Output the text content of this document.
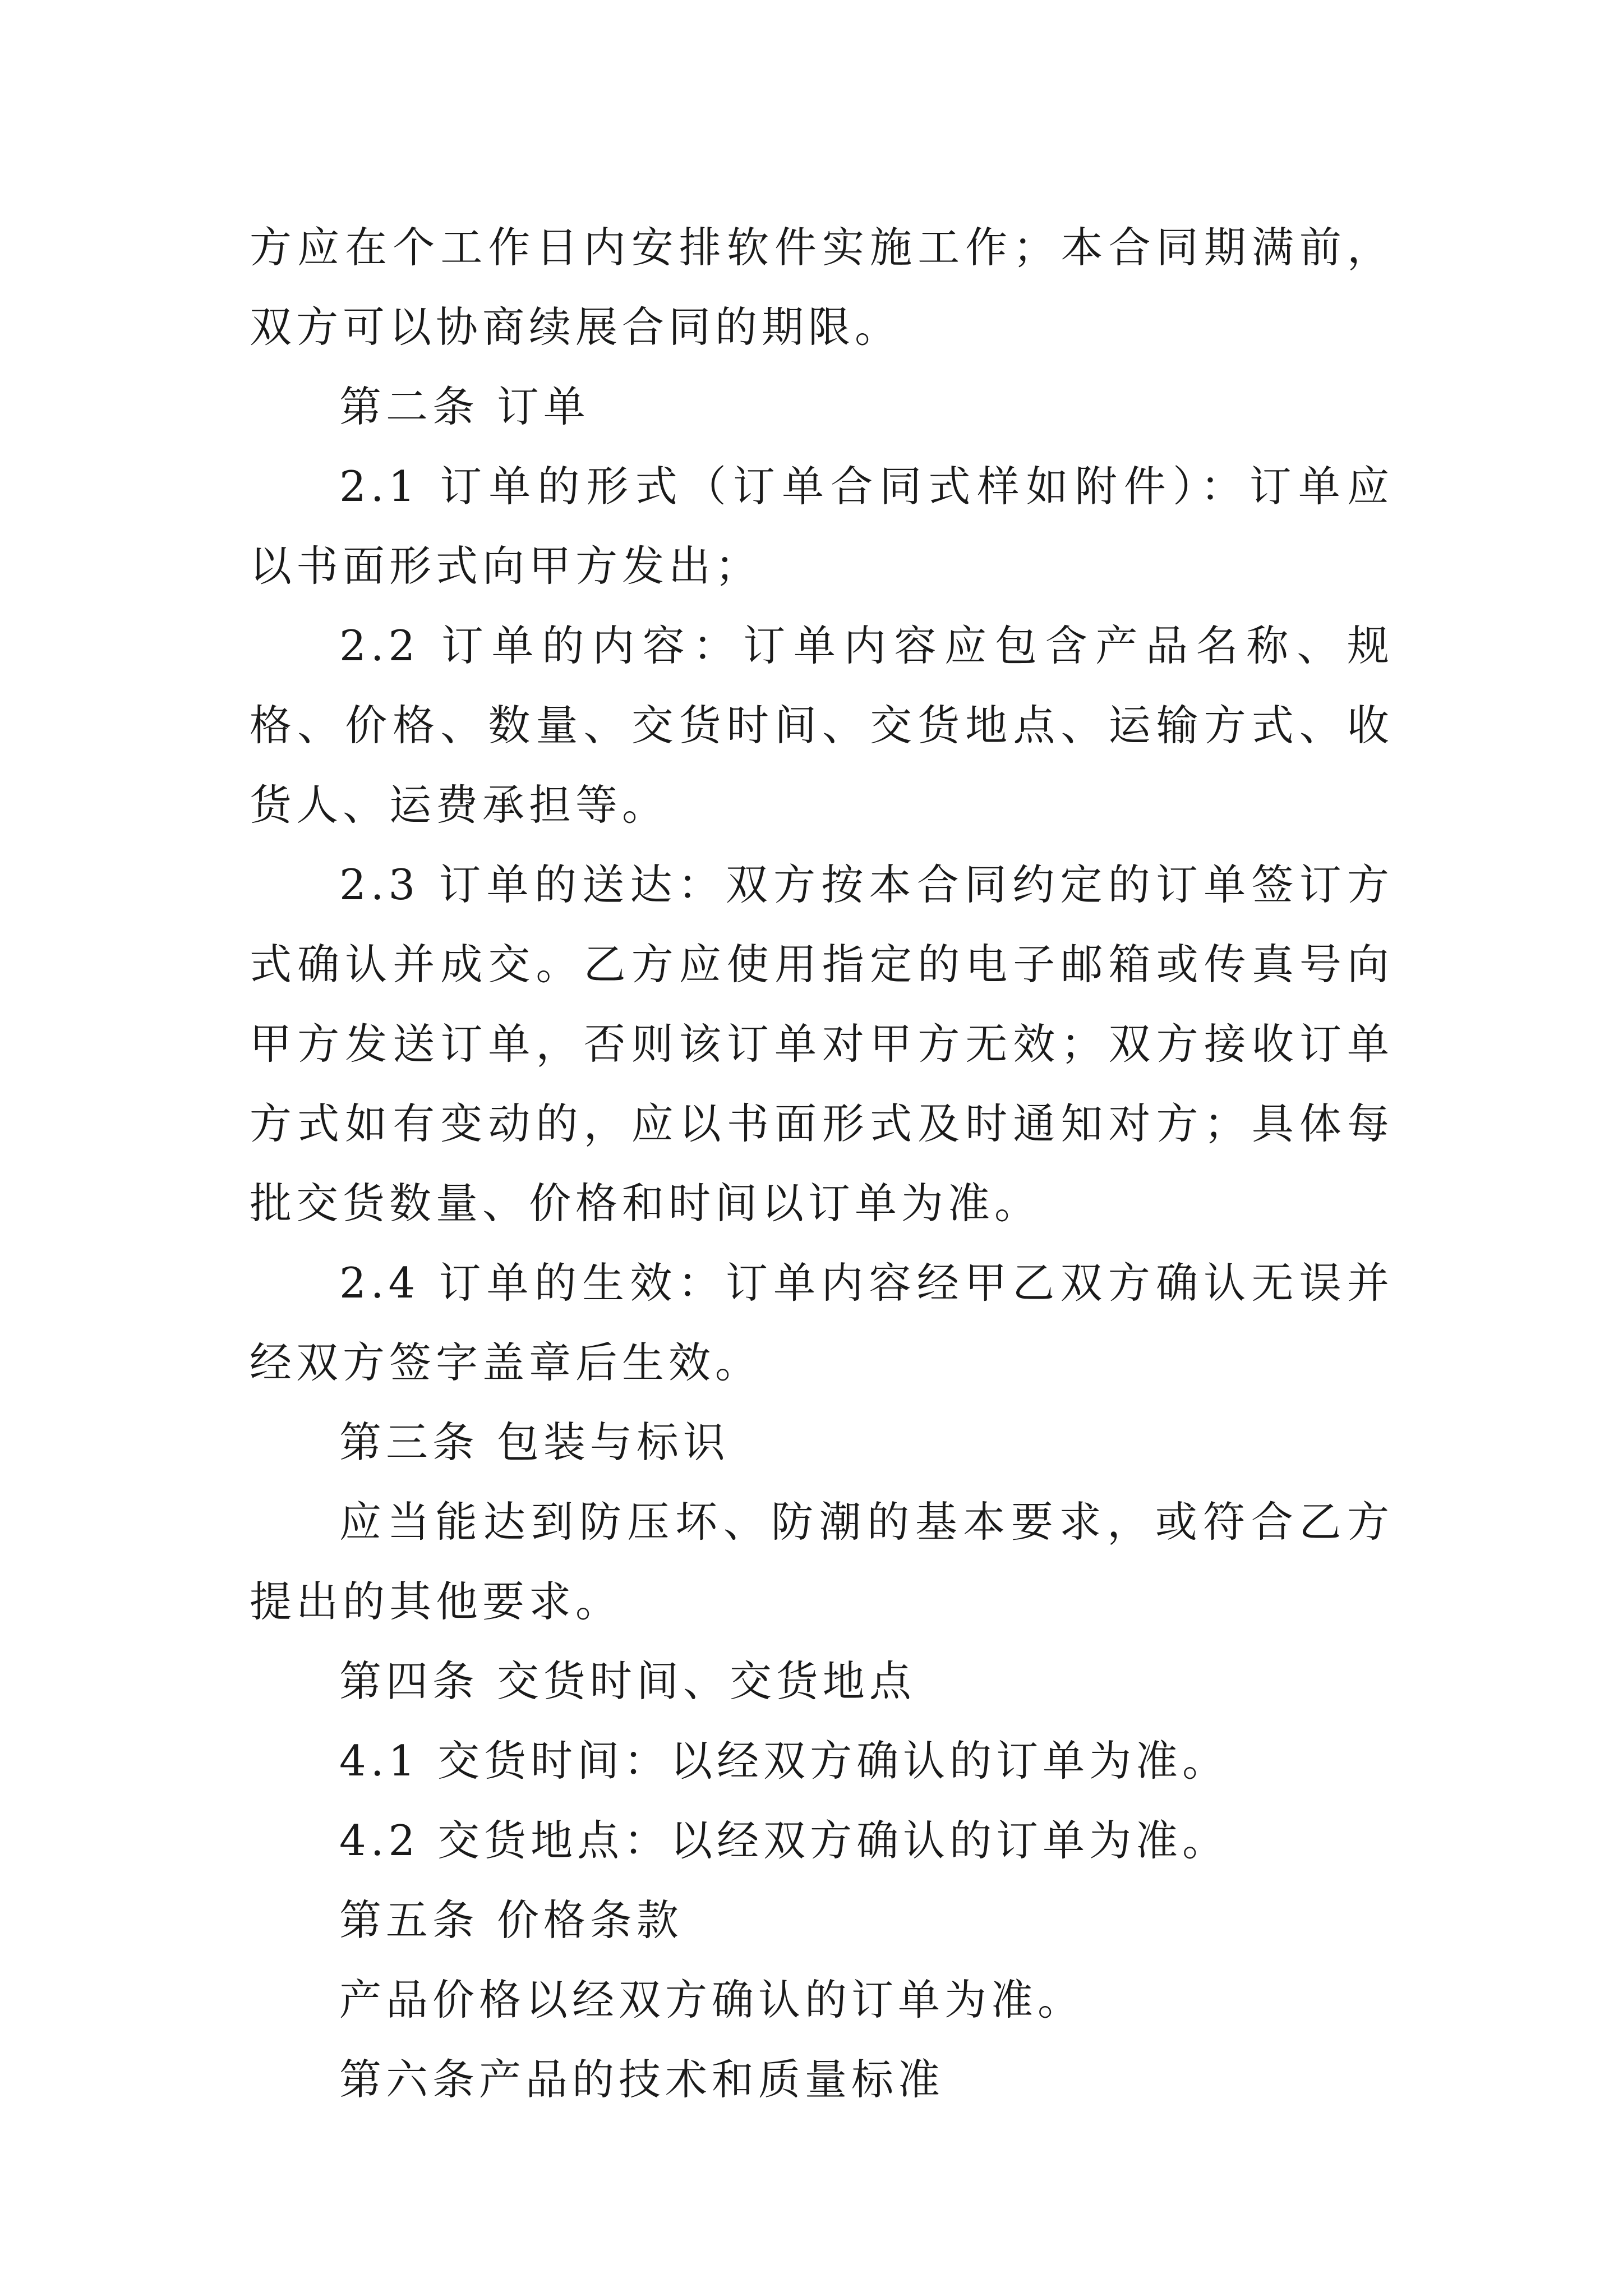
方应在个工作日内安排软件实施工作；本合同期满前，双方可以协商续展合同的期限。

第二条 订单

2.1 订单的形式（订单合同式样如附件）：订单应以书面形式向甲方发出；

2.2 订单的内容：订单内容应包含产品名称、规格、价格、数量、交货时间、交货地点、运输方式、收货人、运费承担等。

2.3 订单的送达：双方按本合同约定的订单签订方式确认并成交。乙方应使用指定的电子邮箱或传真号向甲方发送订单，否则该订单对甲方无效；双方接收订单方式如有变动的，应以书面形式及时通知对方；具体每批交货数量、价格和时间以订单为准。

2.4 订单的生效：订单内容经甲乙双方确认无误并经双方签字盖章后生效。

第三条 包装与标识

应当能达到防压坏、防潮的基本要求，或符合乙方提出的其他要求。

第四条 交货时间、交货地点

4.1 交货时间：以经双方确认的订单为准。

4.2 交货地点：以经双方确认的订单为准。

第五条 价格条款

产品价格以经双方确认的订单为准。

第六条产品的技术和质量标准
